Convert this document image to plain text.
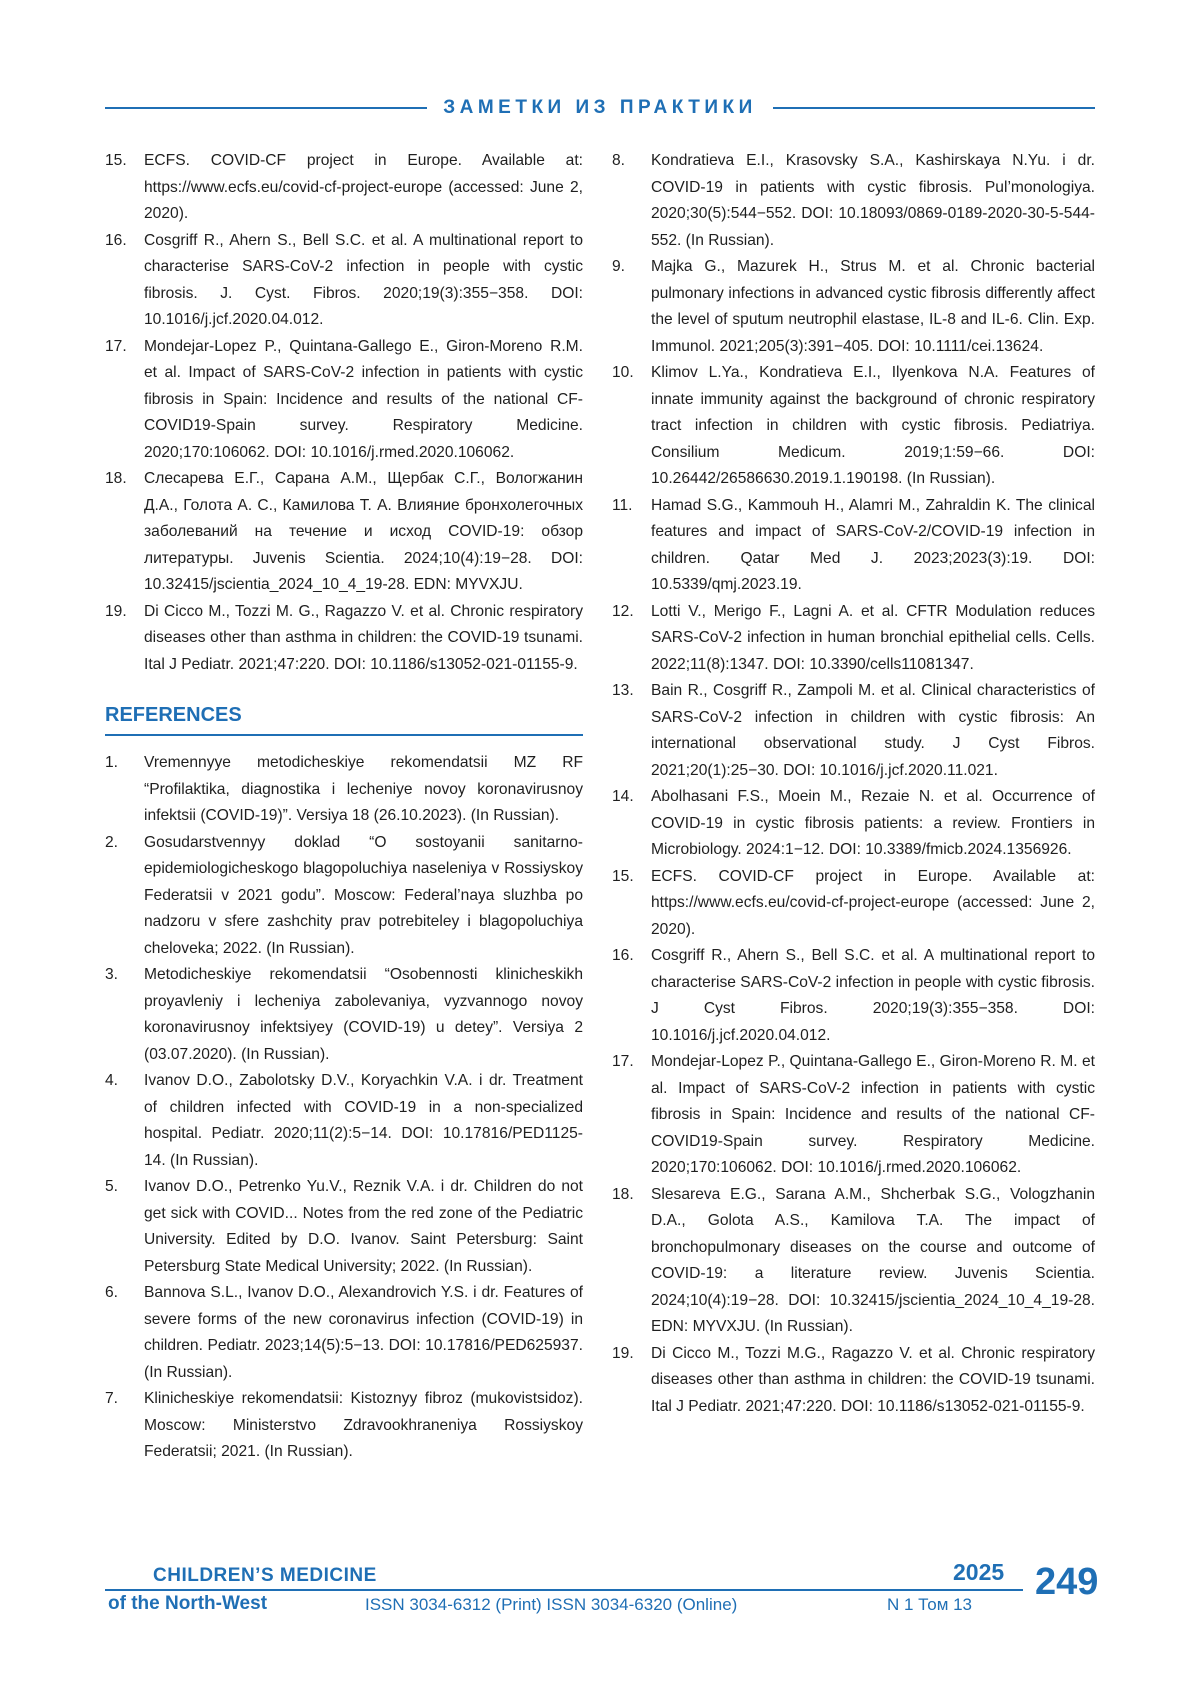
ЗАМЕТКИ ИЗ ПРАКТИКИ
15.	ECFS. COVID-CF project in Europe. Available at: https://www.ecfs.eu/covid-cf-project-europe (accessed: June 2, 2020).
16.	Cosgriff R., Ahern S., Bell S.C. et al. A multinational report to characterise SARS-CoV-2 infection in people with cystic fibrosis. J. Cyst. Fibros. 2020;19(3):355−358. DOI: 10.1016/j.jcf.2020.04.012.
17.	Mondejar-Lopez P., Quintana-Gallego E., Giron-Moreno R.M. et al. Impact of SARS-CoV-2 infection in patients with cystic fibrosis in Spain: Incidence and results of the national CF-COVID19-Spain survey. Respiratory Medicine. 2020;170:106062. DOI: 10.1016/j.rmed.2020.106062.
18.	Слесарева Е.Г., Сарана А.М., Щербак С.Г., Вологжанин Д.А., Голота А. С., Камилова Т. А. Влияние бронхолегочных заболеваний на течение и исход COVID-19: обзор литературы. Juvenis Scientia. 2024;10(4):19−28. DOI: 10.32415/jscientia_2024_10_4_19-28. EDN: MYVXJU.
19.	Di Cicco M., Tozzi M. G., Ragazzo V. et al. Chronic respiratory diseases other than asthma in children: the COVID-19 tsunami. Ital J Pediatr. 2021;47:220. DOI: 10.1186/s13052-021-01155-9.
REFERENCES
1.	Vremennyye metodicheskiye rekomendatsii MZ RF “Profilaktika, diagnostika i lecheniye novoy koronavirusnoy infektsii (COVID-19)”. Versiya 18 (26.10.2023). (In Russian).
2.	Gosudarstvennyy doklad “O sostoyanii sanitarno-epidemiologicheskogo blagopoluchiya naseleniya v Rossiyskoy Federatsii v 2021 godu”. Moscow: Federal’naya sluzhba po nadzoru v sfere zashchity prav potrebiteley i blagopoluchiya cheloveka; 2022. (In Russian).
3.	Metodicheskiye rekomendatsii “Osobennosti klinicheskikh proyavleniy i lecheniya zabolevaniya, vyzvannogo novoy koronavirusnoy infektsiyey (COVID-19) u detey”. Versiya 2 (03.07.2020). (In Russian).
4.	Ivanov D.O., Zabolotsky D.V., Koryachkin V.A. i dr. Treatment of children infected with COVID-19 in a non-specialized hospital. Pediatr. 2020;11(2):5−14. DOI: 10.17816/PED1125-14. (In Russian).
5.	Ivanov D.O., Petrenko Yu.V., Reznik V.A. i dr. Children do not get sick with COVID... Notes from the red zone of the Pediatric University. Edited by D.O. Ivanov. Saint Petersburg: Saint Petersburg State Medical University; 2022. (In Russian).
6.	Bannova S.L., Ivanov D.O., Alexandrovich Y.S. i dr. Features of severe forms of the new coronavirus infection (COVID-19) in children. Pediatr. 2023;14(5):5−13. DOI: 10.17816/PED625937. (In Russian).
7.	Klinicheskiye rekomendatsii: Kistoznyy fibroz (mukovistsidoz). Moscow: Ministerstvo Zdravookhraneniya Rossiyskoy Federatsii; 2021. (In Russian).
8.	Kondratieva E.I., Krasovsky S.A., Kashirskaya N.Yu. i dr. COVID-19 in patients with cystic fibrosis. Pul’monologiya. 2020;30(5):544−552. DOI: 10.18093/0869-0189-2020-30-5-544-552. (In Russian).
9.	Majka G., Mazurek H., Strus M. et al. Chronic bacterial pulmonary infections in advanced cystic fibrosis differently affect the level of sputum neutrophil elastase, IL-8 and IL-6. Clin. Exp. Immunol. 2021;205(3):391−405. DOI: 10.1111/cei.13624.
10.	Klimov L.Ya., Kondratieva E.I., Ilyenkova N.A. Features of innate immunity against the background of chronic respiratory tract infection in children with cystic fibrosis. Pediatriya. Consilium Medicum. 2019;1:59−66. DOI: 10.26442/26586630.2019.1.190198. (In Russian).
11.	Hamad S.G., Kammouh H., Alamri M., Zahraldin K. The clinical features and impact of SARS-CoV-2/COVID-19 infection in children. Qatar Med J. 2023;2023(3):19. DOI: 10.5339/qmj.2023.19.
12.	Lotti V., Merigo F., Lagni A. et al. CFTR Modulation reduces SARS-CoV-2 infection in human bronchial epithelial cells. Cells. 2022;11(8):1347. DOI: 10.3390/cells11081347.
13.	Bain R., Cosgriff R., Zampoli M. et al. Clinical characteristics of SARS-CoV-2 infection in children with cystic fibrosis: An international observational study. J Cyst Fibros. 2021;20(1):25−30. DOI: 10.1016/j.jcf.2020.11.021.
14.	Abolhasani F.S., Moein M., Rezaie N. et al. Occurrence of COVID-19 in cystic fibrosis patients: a review. Frontiers in Microbiology. 2024:1−12. DOI: 10.3389/fmicb.2024.1356926.
15.	ECFS. COVID-CF project in Europe. Available at: https://www.ecfs.eu/covid-cf-project-europe (accessed: June 2, 2020).
16.	Cosgriff R., Ahern S., Bell S.C. et al. A multinational report to characterise SARS-CoV-2 infection in people with cystic fibrosis. J Cyst Fibros. 2020;19(3):355−358. DOI: 10.1016/j.jcf.2020.04.012.
17.	Mondejar-Lopez P., Quintana-Gallego E., Giron-Moreno R. M. et al. Impact of SARS-CoV-2 infection in patients with cystic fibrosis in Spain: Incidence and results of the national CF-COVID19-Spain survey. Respiratory Medicine. 2020;170:106062. DOI: 10.1016/j.rmed.2020.106062.
18.	Slesareva E.G., Sarana A.M., Shcherbak S.G., Vologzhanin D.A., Golota A.S., Kamilova T.A. The impact of bronchopulmonary diseases on the course and outcome of COVID-19: a literature review. Juvenis Scientia. 2024;10(4):19−28. DOI: 10.32415/jscientia_2024_10_4_19-28. EDN: MYVXJU. (In Russian).
19.	Di Cicco M., Tozzi M.G., Ragazzo V. et al. Chronic respiratory diseases other than asthma in children: the COVID-19 tsunami. Ital J Pediatr. 2021;47:220. DOI: 10.1186/s13052-021-01155-9.
CHILDREN’S MEDICINE
of the North-West	ISSN 3034-6312 (Print) ISSN 3034-6320 (Online)
2025
N 1 Том 13
249
